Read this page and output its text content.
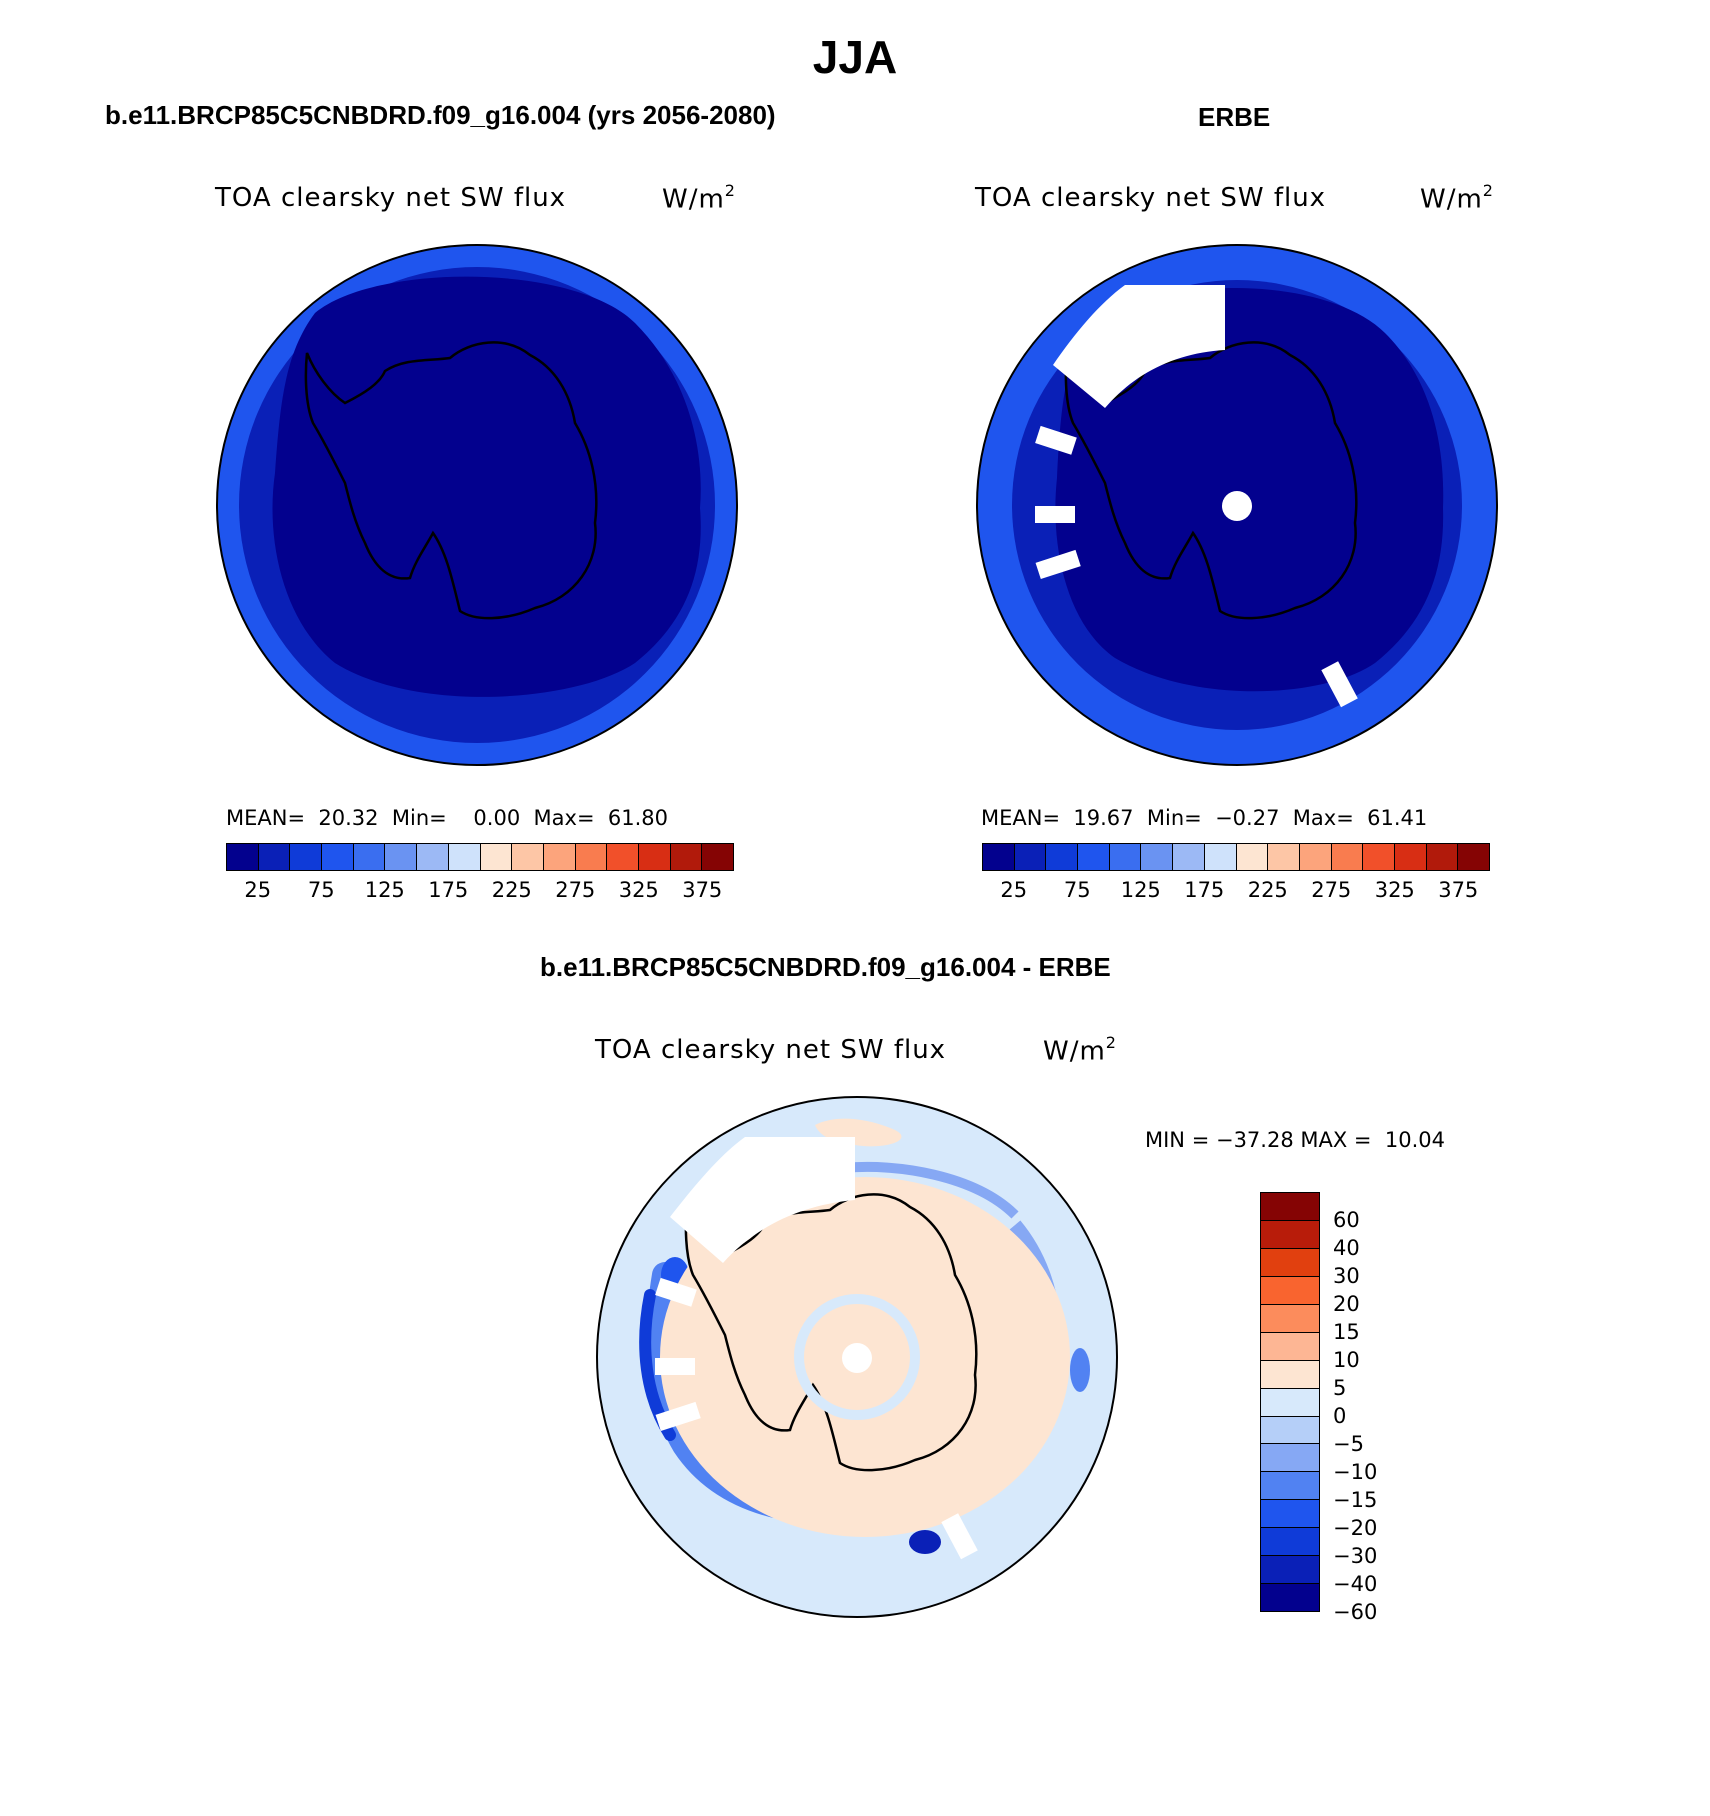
JJA
b.e11.BRCP85C5CNBDRD.f09_g16.004 (yrs 2056-2080)
TOA clearsky net SW flux	$W/m^2$
MEAN=  20.32  Min=    0.00  Max=  61.80
25 75 125 175 225 275 325 375
ERBE
TOA clearsky net SW flux	$W/m^2$
MEAN=  19.67  Min=  −0.27  Max=  61.41
25 75 125 175 225 275 325 375
b.e11.BRCP85C5CNBDRD.f09_g16.004 - ERBE
TOA clearsky net SW flux	$W/m^2$
MIN = −37.28 MAX =  10.04
60
40
30
20
15
10
5
0
−5
−10
−15
−20
−30
−40
−60
